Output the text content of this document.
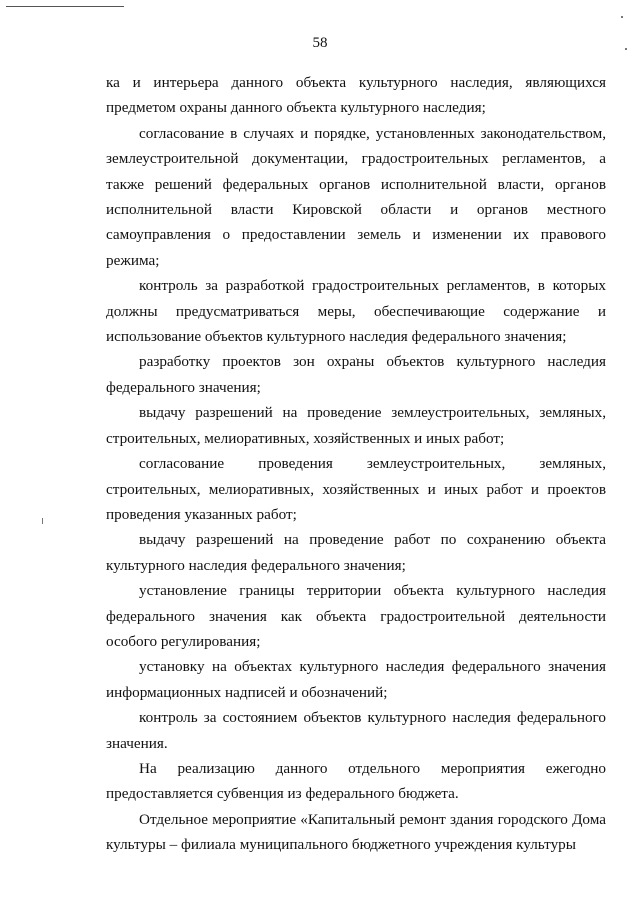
58

ка и интерьера данного объекта культурного наследия, являющихся предметом охраны данного объекта культурного наследия;

согласование в случаях и порядке, установленных законодательством, землеустроительной документации, градостроительных регламентов, а также решений федеральных органов исполнительной власти, органов исполнительной власти Кировской области и органов местного самоуправления о предоставлении земель и изменении их правового режима;

контроль за разработкой градостроительных регламентов, в которых должны предусматриваться меры, обеспечивающие содержание и использование объектов культурного наследия федерального значения;

разработку проектов зон охраны объектов культурного наследия федерального значения;

выдачу разрешений на проведение землеустроительных, земляных, строительных, мелиоративных, хозяйственных и иных работ;

согласование проведения землеустроительных, земляных, строительных, мелиоративных, хозяйственных и иных работ и проектов проведения указанных работ;

выдачу разрешений на проведение работ по сохранению объекта культурного наследия федерального значения;

установление границы территории объекта культурного наследия федерального значения как объекта градостроительной деятельности особого регулирования;

установку на объектах культурного наследия федерального значения информационных надписей и обозначений;

контроль за состоянием объектов культурного наследия федерального значения.

На реализацию данного отдельного мероприятия ежегодно предоставляется субвенция из федерального бюджета.

Отдельное мероприятие «Капитальный ремонт здания городского Дома культуры – филиала муниципального бюджетного учреждения культуры
